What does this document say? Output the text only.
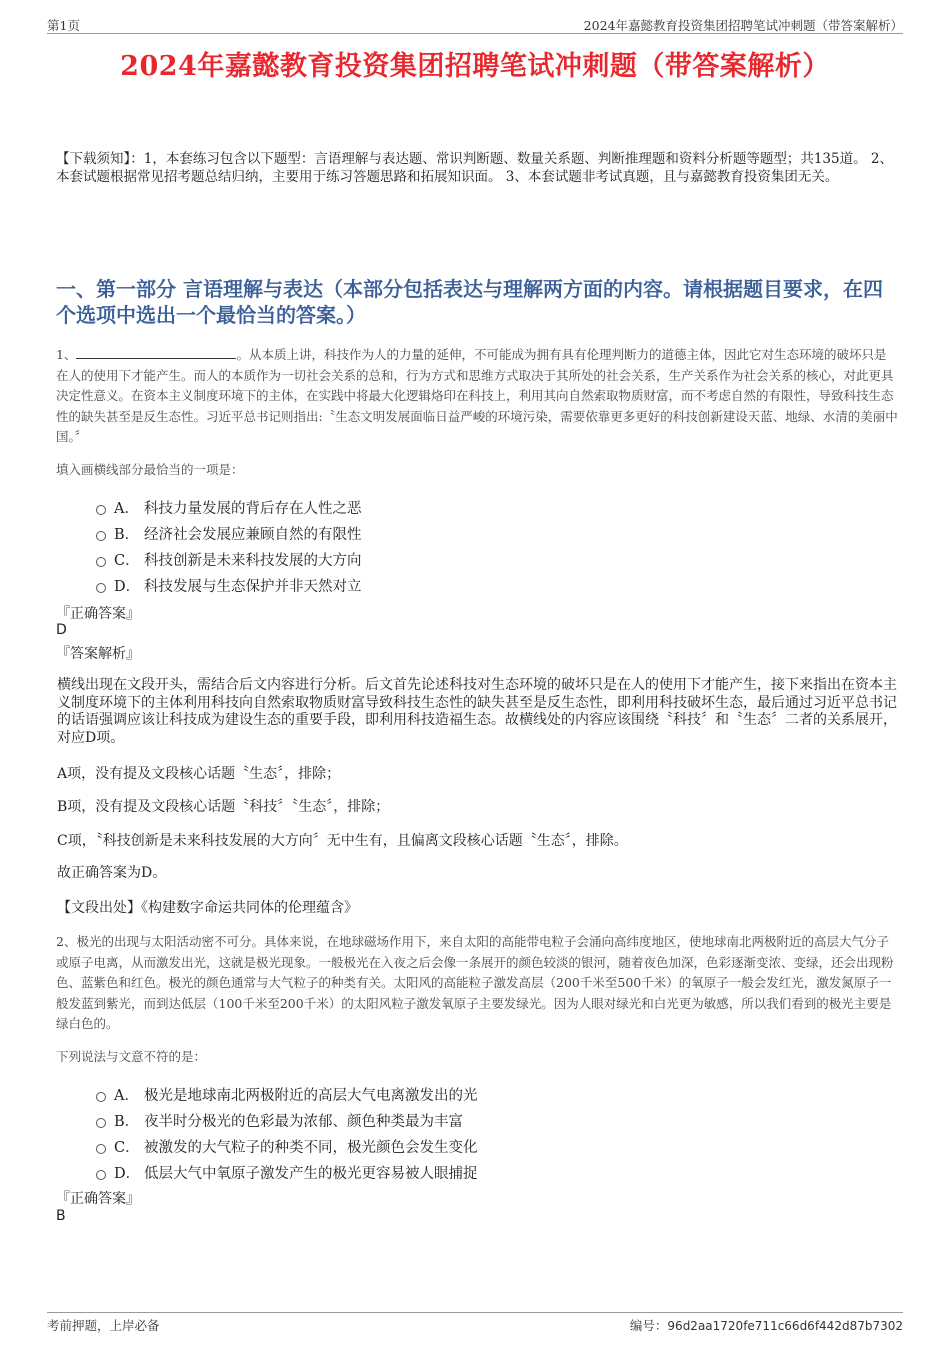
第1页	2024年嘉懿教育投资集团招聘笔试冲刺题（带答案解析）
2024年嘉懿教育投资集团招聘笔试冲刺题（带答案解析）

【下载须知】：1，本套练习包含以下题型：言语理解与表达题、常识判断题、数量关系题、判断推理题和资料分析题等题型；共135道。 2、本套试题根据常见招考题总结归纳，主要用于练习答题思路和拓展知识面。 3、本套试题非考试真题，且与嘉懿教育投资集团无关。

一、第一部分 言语理解与表达（本部分包括表达与理解两方面的内容。请根据题目要求，在四个选项中选出一个最恰当的答案。）

1、	。从本质上讲，科技作为人的力量的延伸，不可能成为拥有具有伦理判断力的道德主体，因此它对生态环境的破坏只是在人的使用下才能产生。而人的本质作为一切社会关系的总和，行为方式和思维方式取决于其所处的社会关系，生产关系作为社会关系的核心，对此更具决定性意义。在资本主义制度环境下的主体，在实践中将最大化逻辑烙印在科技上，利用其向自然索取物质财富，而不考虑自然的有限性，导致科技生态性的缺失甚至是反生态性。习近平总书记则指出:〝生态文明发展面临日益严峻的环境污染，需要依靠更多更好的科技创新建设天蓝、地绿、水清的美丽中国。〞

填入画横线部分最恰当的一项是：

A． 科技力量发展的背后存在人性之恶
B． 经济社会发展应兼顾自然的有限性
C． 科技创新是未来科技发展的大方向
D． 科技发展与生态保护并非天然对立
『正确答案』
D
『答案解析』

横线出现在文段开头，需结合后文内容进行分析。后文首先论述科技对生态环境的破坏只是在人的使用下才能产生，接下来指出在资本主义制度环境下的主体利用科技向自然索取物质财富导致科技生态性的缺失甚至是反生态性，即利用科技破坏生态，最后通过习近平总书记的话语强调应该让科技成为建设生态的重要手段，即利用科技造福生态。故横线处的内容应该围绕〝科技〞和〝生态〞二者的关系展开，对应D项。

A项，没有提及文段核心话题〝生态〞，排除；

B项，没有提及文段核心话题〝科技〞〝生态〞，排除；

C项，〝科技创新是未来科技发展的大方向〞无中生有，且偏离文段核心话题〝生态〞，排除。

故正确答案为D。

【文段出处】《构建数字命运共同体的伦理蕴含》

2、极光的出现与太阳活动密不可分。具体来说，在地球磁场作用下，来自太阳的高能带电粒子会涌向高纬度地区，使地球南北两极附近的高层大气分子或原子电离，从而激发出光，这就是极光现象。一般极光在入夜之后会像一条展开的颜色较淡的银河，随着夜色加深，色彩逐渐变浓、变绿，还会出现粉色、蓝紫色和红色。极光的颜色通常与大气粒子的种类有关。太阳风的高能粒子激发高层（200千米至500千米）的氧原子一般会发红光，激发氮原子一般发蓝到紫光，而到达低层（100千米至200千米）的太阳风粒子激发氧原子主要发绿光。因为人眼对绿光和白光更为敏感，所以我们看到的极光主要是绿白色的。

下列说法与文意不符的是：

A． 极光是地球南北两极附近的高层大气电离激发出的光
B． 夜半时分极光的色彩最为浓郁、颜色种类最为丰富
C． 被激发的大气粒子的种类不同，极光颜色会发生变化
D． 低层大气中氧原子激发产生的极光更容易被人眼捕捉
『正确答案』
B
考前押题，上岸必备	编号：96d2aa1720fe711c66d6f442d87b7302
